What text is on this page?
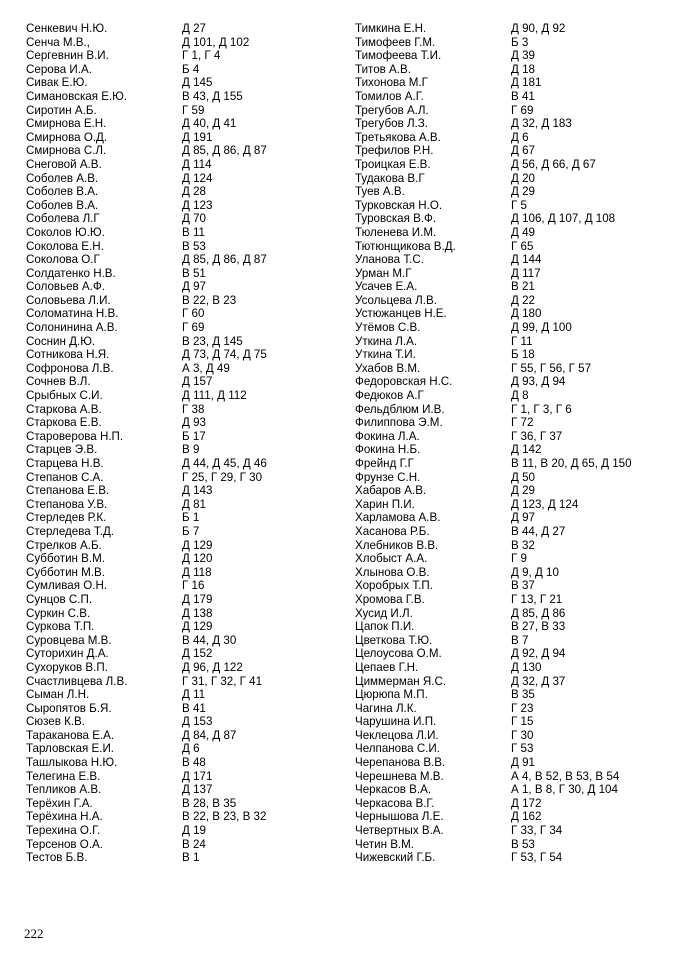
Сенкевич Н.Ю.	Д 27
Сенча М.В.,	Д 101, Д 102
Сергевнин В.И.	Г 1, Г 4
Серова И.А.	Б 4
Сивак Е.Ю.	Д 145
Симановская Е.Ю.	В 43, Д 155
Сиротин А.Б.	Г 59
Смирнова Е.Н.	Д 40, Д 41
Смирнова О.Д.	Д 191
Смирнова С.Л.	Д 85, Д 86, Д 87
Снеговой А.В.	Д 114
Соболев А.В.	Д 124
Соболев В.А.	Д 28
Соболев В.А.	Д 123
Соболева Л.Г	Д 70
Соколов Ю.Ю.	В 11
Соколова Е.Н.	В 53
Соколова О.Г	Д 85, Д 86, Д 87
Солдатенко Н.В.	В 51
Соловьев А.Ф.	Д 97
Соловьева Л.И.	В 22, В 23
Соломатина Н.В.	Г 60
Солонинина А.В.	Г 69
Соснин Д.Ю.	В 23, Д 145
Сотникова Н.Я.	Д 73, Д 74, Д 75
Софронова Л.В.	А 3, Д 49
Сочнев В.Л.	Д 157
Срыбных С.И.	Д 111, Д 112
Старкова А.В.	Г 38
Старкова Е.В.	Д 93
Староверова Н.П.	Б 17
Старцев Э.В.	В 9
Старцева Н.В.	Д 44, Д 45, Д 46
Степанов С.А.	Г 25, Г 29, Г 30
Степанова Е.В.	Д 143
Степанова У.В.	Д 81
Стерледев Р.К.	Б 1
Стерледева Т.Д.	Б 7
Стрелков А.Б.	Д 129
Субботин В.М.	Д 120
Субботин М.В.	Д 118
Сумливая О.Н.	Г 16
Сунцов С.П.	Д 179
Суркин С.В.	Д 138
Суркова Т.П.	Д 129
Суровцева М.В.	В 44, Д 30
Суторихин Д.А.	Д 152
Сухоруков В.П.	Д 96, Д 122
Счастливцева Л.В.	Г 31, Г 32, Г 41
Сыман Л.Н.	Д 11
Сыропятов Б.Я.	В 41
Сюзев К.В.	Д 153
Тараканова Е.А.	Д 84, Д 87
Тарловская Е.И.	Д 6
Ташлыкова Н.Ю.	В 48
Телегина Е.В.	Д 171
Тепликов А.В.	Д 137
Терёхин Г.А.	В 28, В 35
Терёхина Н.А.	В 22, В 23, В 32
Терехина О.Г.	Д 19
Терсенов О.А.	В 24
Тестов Б.В.	В 1
Тимкина Е.Н.	Д 90, Д 92
Тимофеев Г.М.	Б 3
Тимофеева Т.И.	Д 39
Титов А.В.	Д 18
Тихонова М.Г	Д 181
Томилов А.Г.	В 41
Трегубов А.Л.	Г 69
Трегубов Л.З.	Д 32, Д 183
Третьякова А.В.	Д 6
Трефилов Р.Н.	Д 67
Троицкая Е.В.	Д 56, Д 66, Д 67
Тудакова В.Г	Д 20
Туев А.В.	Д 29
Турковская Н.О.	Г 5
Туровская В.Ф.	Д 106, Д 107, Д 108
Тюленева И.М.	Д 49
Тютюнщикова В.Д.	Г 65
Уланова Т.С.	Д 144
Урман М.Г	Д 117
Усачев Е.А.	В 21
Усольцева Л.В.	Д 22
Устюжанцев Н.Е.	Д 180
Утёмов С.В.	Д 99, Д 100
Уткина Л.А.	Г 11
Уткина Т.И.	Б 18
Ухабов В.М.	Г 55, Г 56, Г 57
Федоровская Н.С.	Д 93, Д 94
Федюков А.Г	Д 8
Фельдблюм И.В.	Г 1, Г 3, Г 6
Филиппова Э.М.	Г 72
Фокина Л.А.	Г 36, Г 37
Фокина Н.Б.	Д 142
Фрейнд Г.Г	В 11, В 20, Д 65, Д 150
Фрунзе С.Н.	Д 50
Хабаров А.В.	Д 29
Харин П.И.	Д 123, Д 124
Харламова А.В.	Д 97
Хасанова Р.Б.	В 44, Д 27
Хлебников В.В.	В 32
Хлобыст А.А.	Г 9
Хлынова О.В.	Д 9, Д 10
Хоробрых Т.П.	В 37
Хромова Г.В.	Г 13, Г 21
Хусид И.Л.	Д 85, Д 86
Цапок П.И.	В 27, В 33
Цветкова Т.Ю.	В 7
Целоусова О.М.	Д 92, Д 94
Цепаев Г.Н.	Д 130
Циммерман Я.С.	Д 32, Д 37
Цюрюпа М.П.	В 35
Чагина Л.К.	Г 23
Чарушина И.П.	Г 15
Чеклецова Л.И.	Г 30
Челпанова С.И.	Г 53
Черепанова В.В.	Д 91
Черешнева М.В.	А 4, В 52, В 53, В 54
Черкасов В.А.	А 1, В 8, Г 30, Д 104
Черкасова В.Г.	Д 172
Чернышова Л.Е.	Д 162
Четвертных В.А.	Г 33, Г 34
Четин В.М.	В 53
Чижевский Г.Б.	Г 53, Г 54
222
